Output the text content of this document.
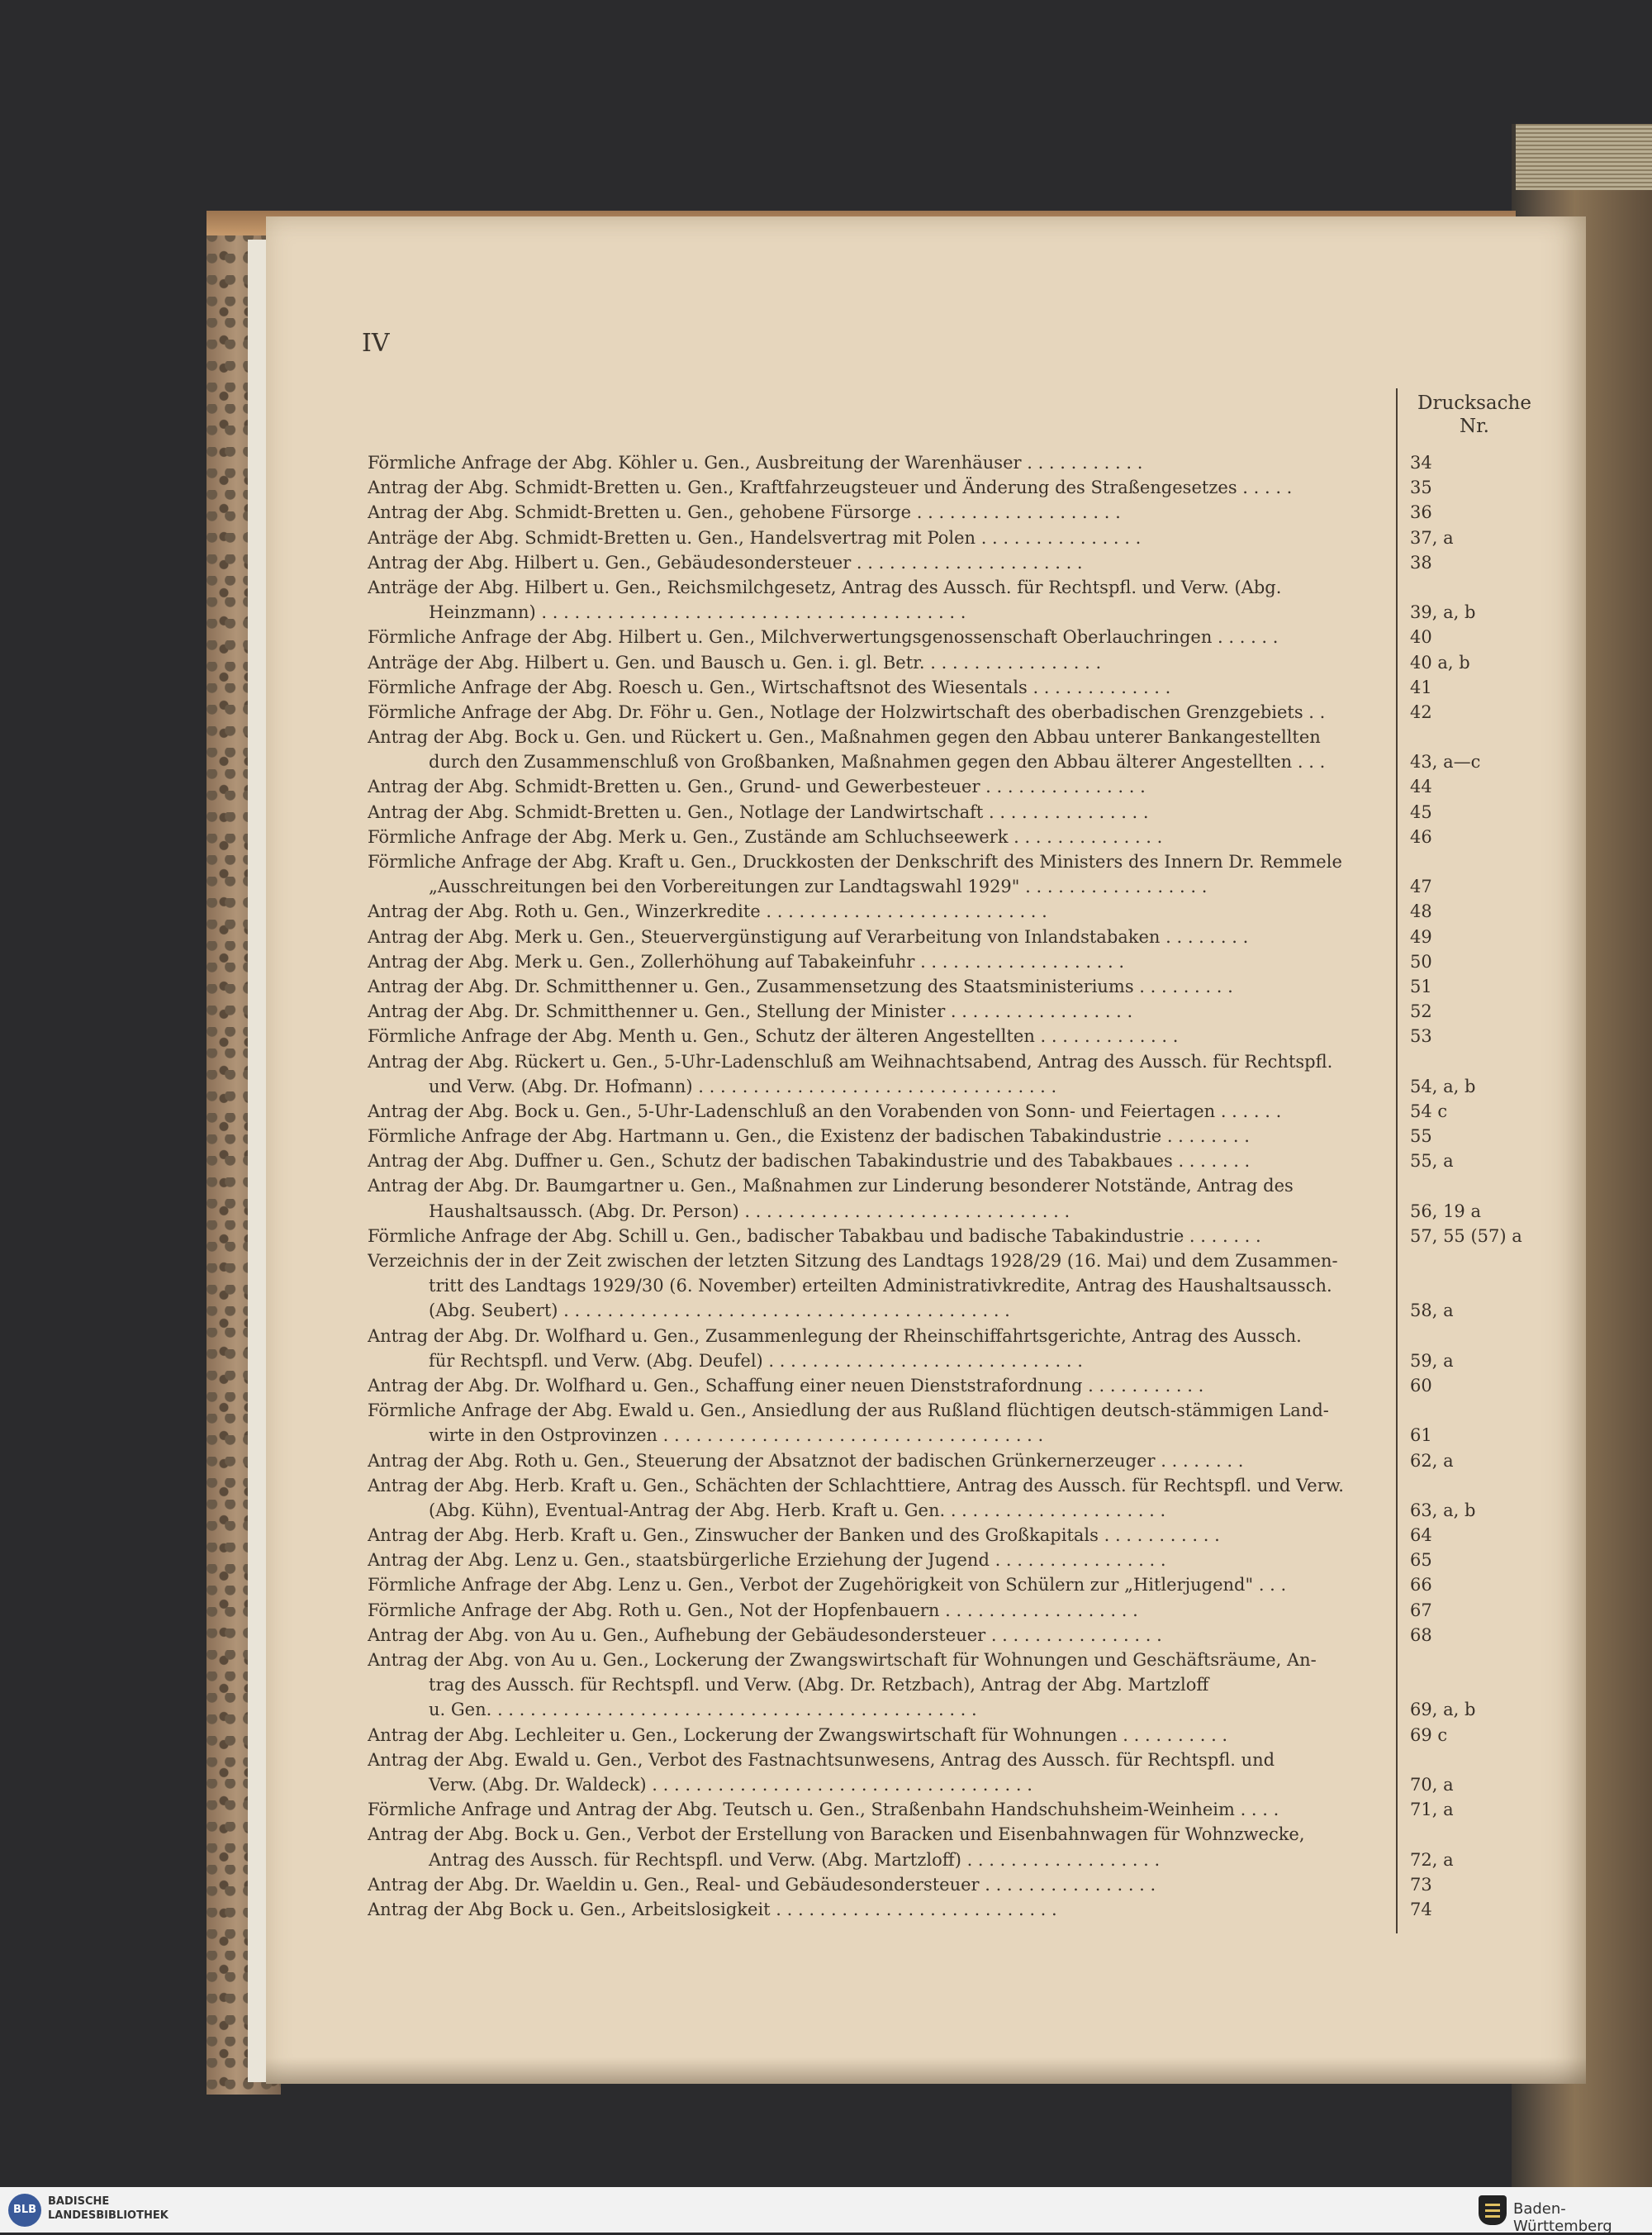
IV
Drucksache
Nr.
Förmliche Anfrage der Abg. Köhler u. Gen., Ausbreitung der Warenhäuser . . . . . . . . . . .	34
Antrag der Abg. Schmidt-Bretten u. Gen., Kraftfahrzeugsteuer und Änderung des Straßengesetzes . . . . .	35
Antrag der Abg. Schmidt-Bretten u. Gen., gehobene Fürsorge . . . . . . . . . . . . . . . . . . .	36
Anträge der Abg. Schmidt-Bretten u. Gen., Handelsvertrag mit Polen . . . . . . . . . . . . . . .	37, a
Antrag der Abg. Hilbert u. Gen., Gebäudesondersteuer . . . . . . . . . . . . . . . . . . . . .	38
Anträge der Abg. Hilbert u. Gen., Reichsmilchgesetz, Antrag des Aussch. für Rechtspfl. und Verw. (Abg.
Heinzmann) . . . . . . . . . . . . . . . . . . . . . . . . . . . . . . . . . . . . . . .	39, a, b
Förmliche Anfrage der Abg. Hilbert u. Gen., Milchverwertungsgenossenschaft Oberlauchringen . . . . . .	40
Anträge der Abg. Hilbert u. Gen. und Bausch u. Gen. i. gl. Betr. . . . . . . . . . . . . . . . .	40 a, b
Förmliche Anfrage der Abg. Roesch u. Gen., Wirtschaftsnot des Wiesentals . . . . . . . . . . . . .	41
Förmliche Anfrage der Abg. Dr. Föhr u. Gen., Notlage der Holzwirtschaft des oberbadischen Grenzgebiets . .	42
Antrag der Abg. Bock u. Gen. und Rückert u. Gen., Maßnahmen gegen den Abbau unterer Bankangestellten
durch den Zusammenschluß von Großbanken, Maßnahmen gegen den Abbau älterer Angestellten . . .	43, a—c
Antrag der Abg. Schmidt-Bretten u. Gen., Grund- und Gewerbesteuer . . . . . . . . . . . . . . .	44
Antrag der Abg. Schmidt-Bretten u. Gen., Notlage der Landwirtschaft . . . . . . . . . . . . . . .	45
Förmliche Anfrage der Abg. Merk u. Gen., Zustände am Schluchseewerk . . . . . . . . . . . . . .	46
Förmliche Anfrage der Abg. Kraft u. Gen., Druckkosten der Denkschrift des Ministers des Innern Dr. Remmele
„Ausschreitungen bei den Vorbereitungen zur Landtagswahl 1929" . . . . . . . . . . . . . . . . .	47
Antrag der Abg. Roth u. Gen., Winzerkredite . . . . . . . . . . . . . . . . . . . . . . . . . .	48
Antrag der Abg. Merk u. Gen., Steuervergünstigung auf Verarbeitung von Inlandstabaken . . . . . . . .	49
Antrag der Abg. Merk u. Gen., Zollerhöhung auf Tabakeinfuhr . . . . . . . . . . . . . . . . . . .	50
Antrag der Abg. Dr. Schmitthenner u. Gen., Zusammensetzung des Staatsministeriums . . . . . . . . .	51
Antrag der Abg. Dr. Schmitthenner u. Gen., Stellung der Minister . . . . . . . . . . . . . . . . .	52
Förmliche Anfrage der Abg. Menth u. Gen., Schutz der älteren Angestellten . . . . . . . . . . . . .	53
Antrag der Abg. Rückert u. Gen., 5-Uhr-Ladenschluß am Weihnachtsabend, Antrag des Aussch. für Rechtspfl.
und Verw. (Abg. Dr. Hofmann) . . . . . . . . . . . . . . . . . . . . . . . . . . . . . . . . .	54, a, b
Antrag der Abg. Bock u. Gen., 5-Uhr-Ladenschluß an den Vorabenden von Sonn- und Feiertagen . . . . . .	54 c
Förmliche Anfrage der Abg. Hartmann u. Gen., die Existenz der badischen Tabakindustrie . . . . . . . .	55
Antrag der Abg. Duffner u. Gen., Schutz der badischen Tabakindustrie und des Tabakbaues . . . . . . .	55, a
Antrag der Abg. Dr. Baumgartner u. Gen., Maßnahmen zur Linderung besonderer Notstände, Antrag des
Haushaltsaussch. (Abg. Dr. Person) . . . . . . . . . . . . . . . . . . . . . . . . . . . . . .	56, 19 a
Förmliche Anfrage der Abg. Schill u. Gen., badischer Tabakbau und badische Tabakindustrie . . . . . . .	57, 55 (57) a
Verzeichnis der in der Zeit zwischen der letzten Sitzung des Landtags 1928/29 (16. Mai) und dem Zusammen-
tritt des Landtags 1929/30 (6. November) erteilten Administrativkredite, Antrag des Haushaltsaussch.
(Abg. Seubert) . . . . . . . . . . . . . . . . . . . . . . . . . . . . . . . . . . . . . . . . .	58, a
Antrag der Abg. Dr. Wolfhard u. Gen., Zusammenlegung der Rheinschiffahrtsgerichte, Antrag des Aussch.
für Rechtspfl. und Verw. (Abg. Deufel) . . . . . . . . . . . . . . . . . . . . . . . . . . . . .	59, a
Antrag der Abg. Dr. Wolfhard u. Gen., Schaffung einer neuen Dienststrafordnung . . . . . . . . . . .	60
Förmliche Anfrage der Abg. Ewald u. Gen., Ansiedlung der aus Rußland flüchtigen deutsch-stämmigen Land-
wirte in den Ostprovinzen . . . . . . . . . . . . . . . . . . . . . . . . . . . . . . . . . . .	61
Antrag der Abg. Roth u. Gen., Steuerung der Absatznot der badischen Grünkernerzeuger . . . . . . . .	62, a
Antrag der Abg. Herb. Kraft u. Gen., Schächten der Schlachttiere, Antrag des Aussch. für Rechtspfl. und Verw.
(Abg. Kühn), Eventual-Antrag der Abg. Herb. Kraft u. Gen. . . . . . . . . . . . . . . . . . . . .	63, a, b
Antrag der Abg. Herb. Kraft u. Gen., Zinswucher der Banken und des Großkapitals . . . . . . . . . . .	64
Antrag der Abg. Lenz u. Gen., staatsbürgerliche Erziehung der Jugend . . . . . . . . . . . . . . . .	65
Förmliche Anfrage der Abg. Lenz u. Gen., Verbot der Zugehörigkeit von Schülern zur „Hitlerjugend" . . .	66
Förmliche Anfrage der Abg. Roth u. Gen., Not der Hopfenbauern . . . . . . . . . . . . . . . . . .	67
Antrag der Abg. von Au u. Gen., Aufhebung der Gebäudesondersteuer . . . . . . . . . . . . . . . .	68
Antrag der Abg. von Au u. Gen., Lockerung der Zwangswirtschaft für Wohnungen und Geschäftsräume, An-
trag des Aussch. für Rechtspfl. und Verw. (Abg. Dr. Retzbach), Antrag der Abg. Martzloff
u. Gen. . . . . . . . . . . . . . . . . . . . . . . . . . . . . . . . . . . . . . . . . . . . .	69, a, b
Antrag der Abg. Lechleiter u. Gen., Lockerung der Zwangswirtschaft für Wohnungen . . . . . . . . . .	69 c
Antrag der Abg. Ewald u. Gen., Verbot des Fastnachtsunwesens, Antrag des Aussch. für Rechtspfl. und
Verw. (Abg. Dr. Waldeck) . . . . . . . . . . . . . . . . . . . . . . . . . . . . . . . . . . .	70, a
Förmliche Anfrage und Antrag der Abg. Teutsch u. Gen., Straßenbahn Handschuhsheim-Weinheim . . . .	71, a
Antrag der Abg. Bock u. Gen., Verbot der Erstellung von Baracken und Eisenbahnwagen für Wohnzwecke,
Antrag des Aussch. für Rechtspfl. und Verw. (Abg. Martzloff) . . . . . . . . . . . . . . . . . .	72, a
Antrag der Abg. Dr. Waeldin u. Gen., Real- und Gebäudesondersteuer . . . . . . . . . . . . . . . .	73
Antrag der Abg Bock u. Gen., Arbeitslosigkeit . . . . . . . . . . . . . . . . . . . . . . . . . .	74
BLB
BADISCHE
LANDESBIBLIOTHEK	Baden-Württemberg
